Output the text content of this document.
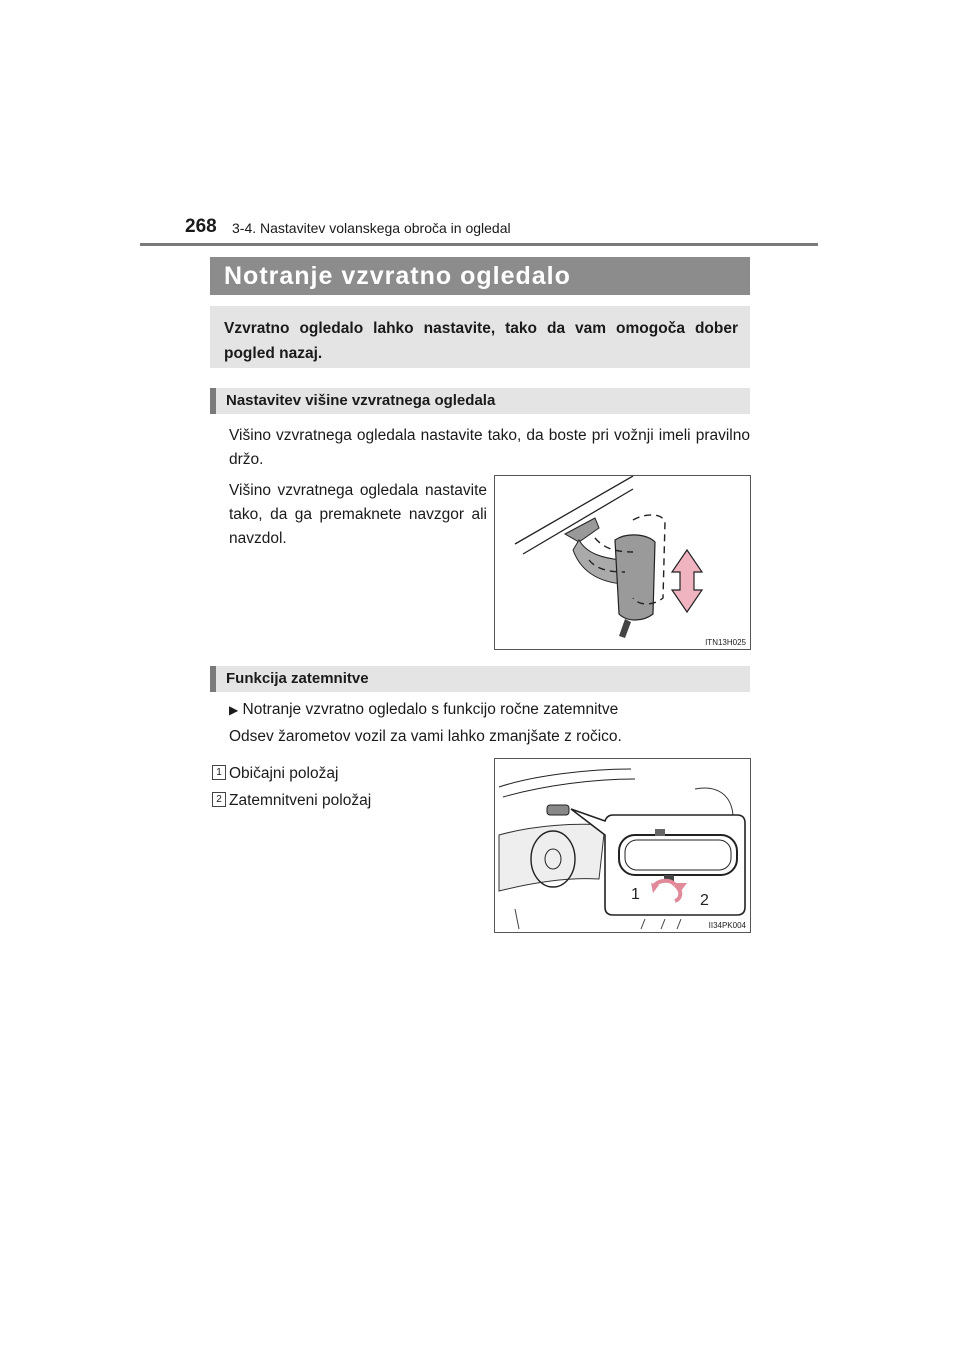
268 3-4. Nastavitev volanskega obroča in ogledal
Notranje vzvratno ogledalo
Vzvratno ogledalo lahko nastavite, tako da vam omogoča dober pogled nazaj.
Nastavitev višine vzvratnega ogledala
Višino vzvratnega ogledala nastavite tako, da boste pri vožnji imeli pravilno držo.
Višino vzvratnega ogledala nastavite tako, da ga premaknete navzgor ali navzdol.
ITN13H025
Funkcija zatemnitve
▶ Notranje vzvratno ogledalo s funkcijo ročne zatemnitve
Odsev žarometov vozil za vami lahko zmanjšate z ročico.
1 Običajni položaj
2 Zatemnitveni položaj
1	2
II34PK004
